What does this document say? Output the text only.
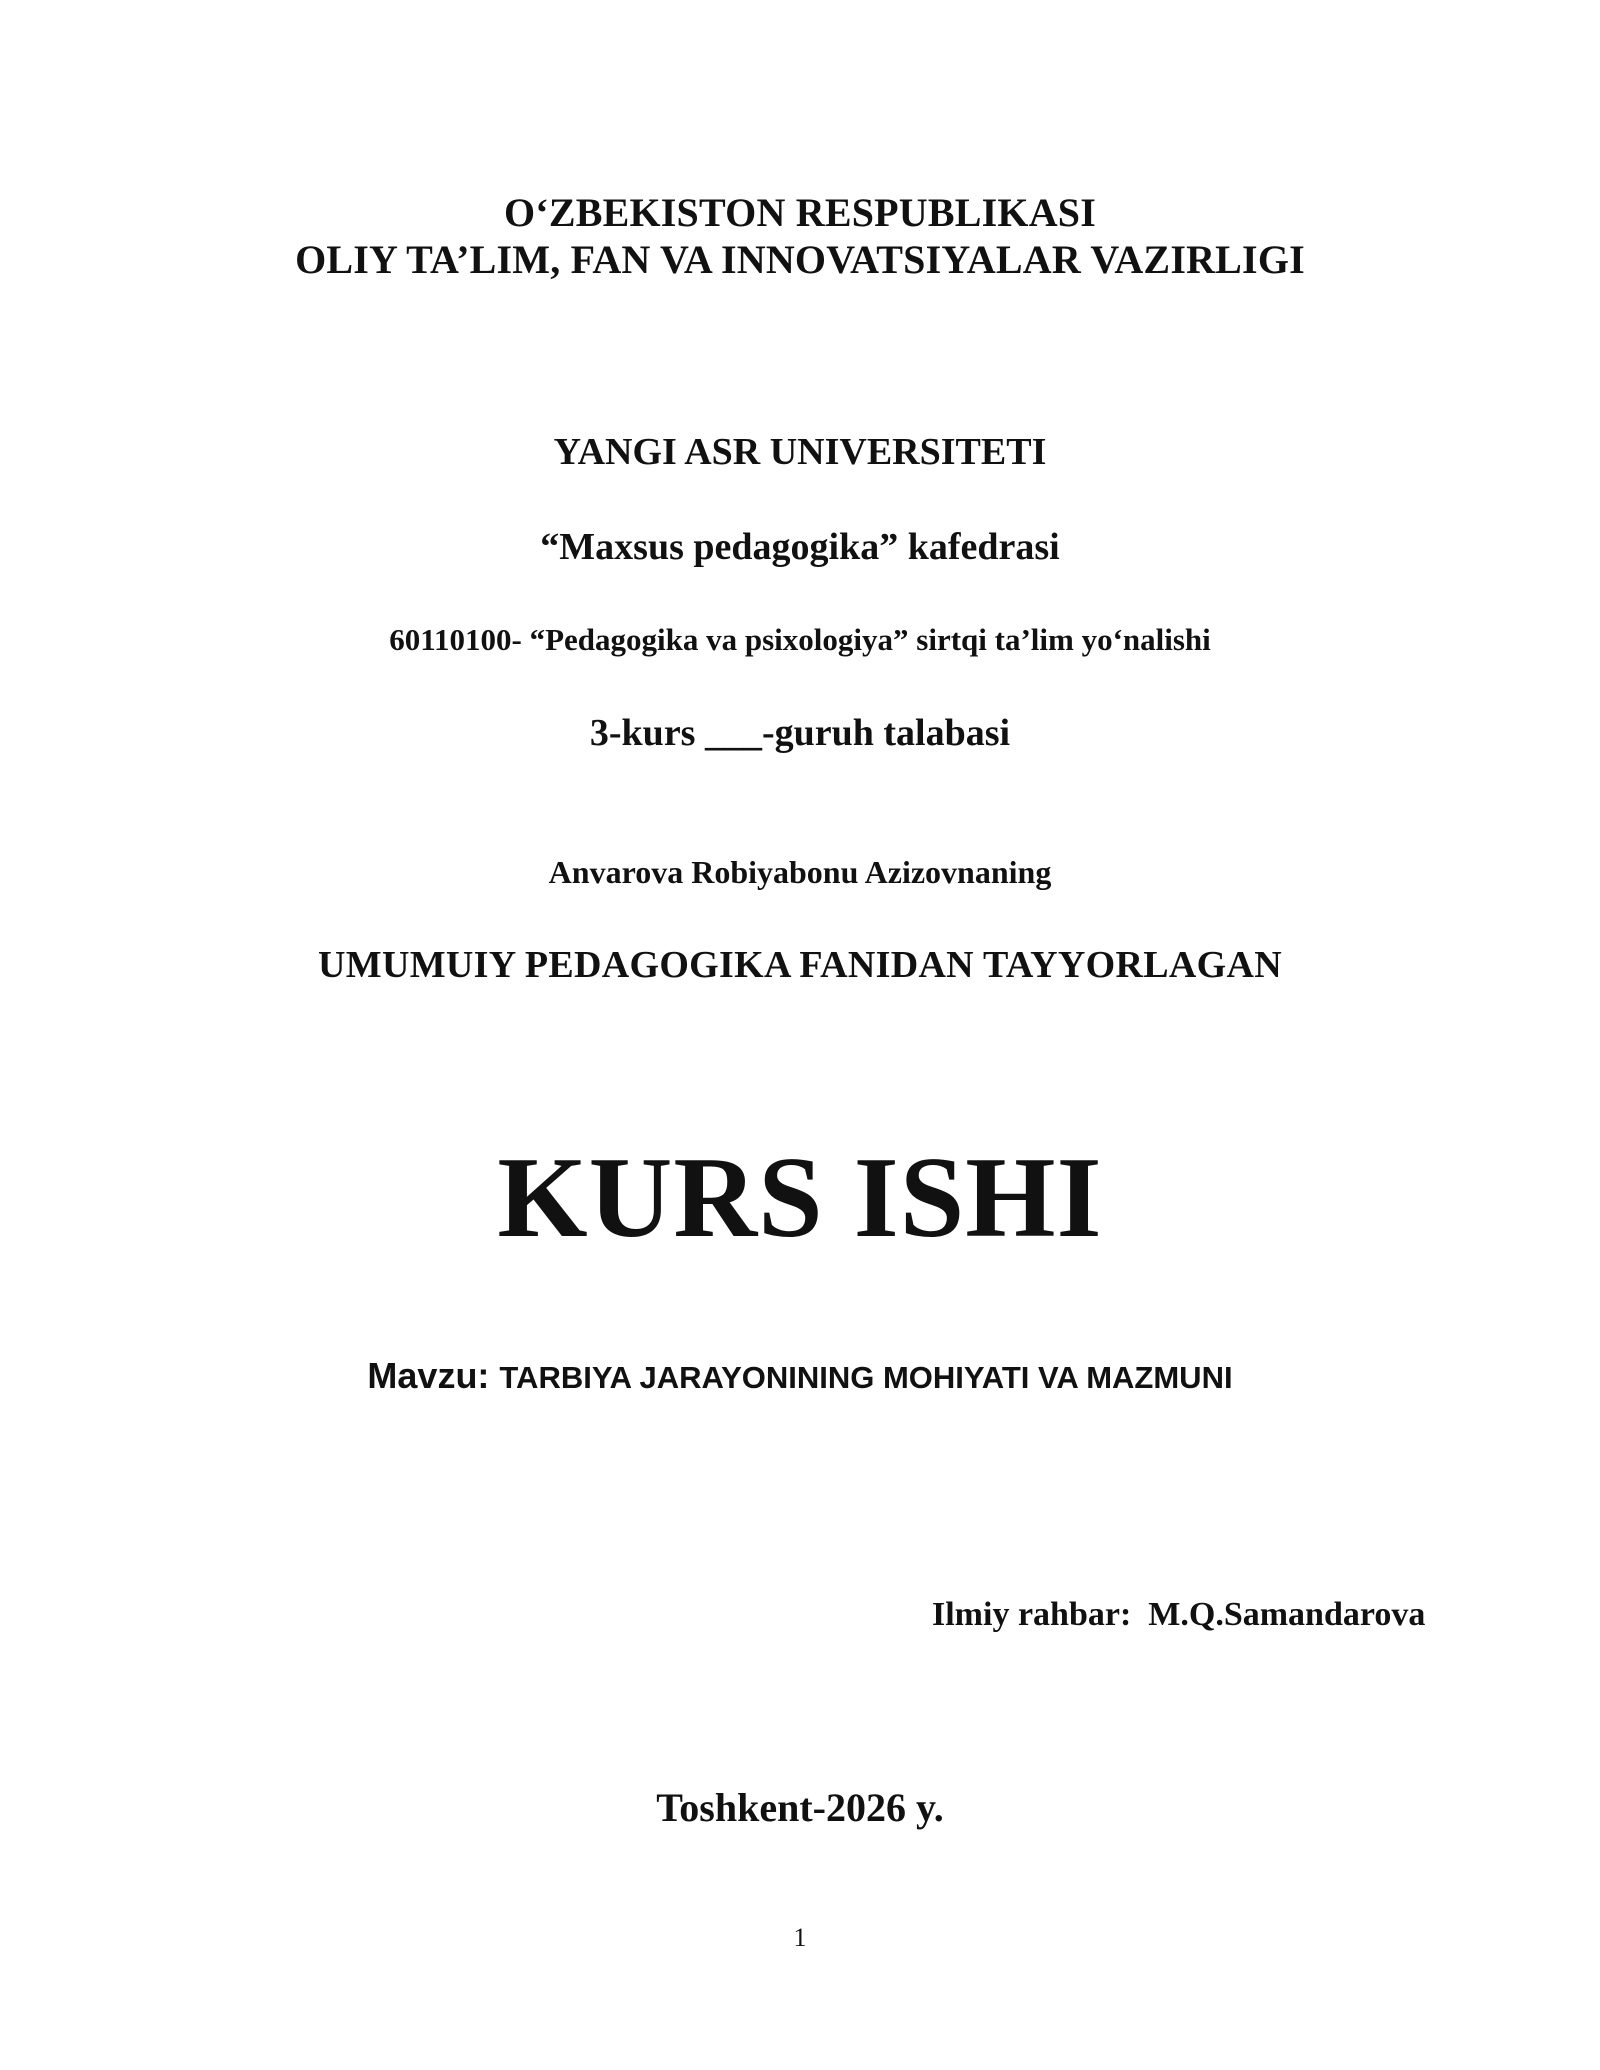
O‘ZBEKISTON RESPUBLIKASI
OLIY TA’LIM, FAN VA INNOVATSIYALAR VAZIRLIGI
YANGI ASR UNIVERSITETI
“Maxsus pedagogika” kafedrasi
60110100- “Pedagogika va psixologiya” sirtqi ta’lim yo‘nalishi
3-kurs ___-guruh talabasi
Anvarova Robiyabonu Azizovnaning
UMUMUIY PEDAGOGIKA FANIDAN TAYYORLAGAN
KURS ISHI
Mavzu: TARBIYA JARAYONINING MOHIYATI VA MAZMUNI
Ilmiy rahbar:  M.Q.Samandarova
Toshkent-2026 y.
1
